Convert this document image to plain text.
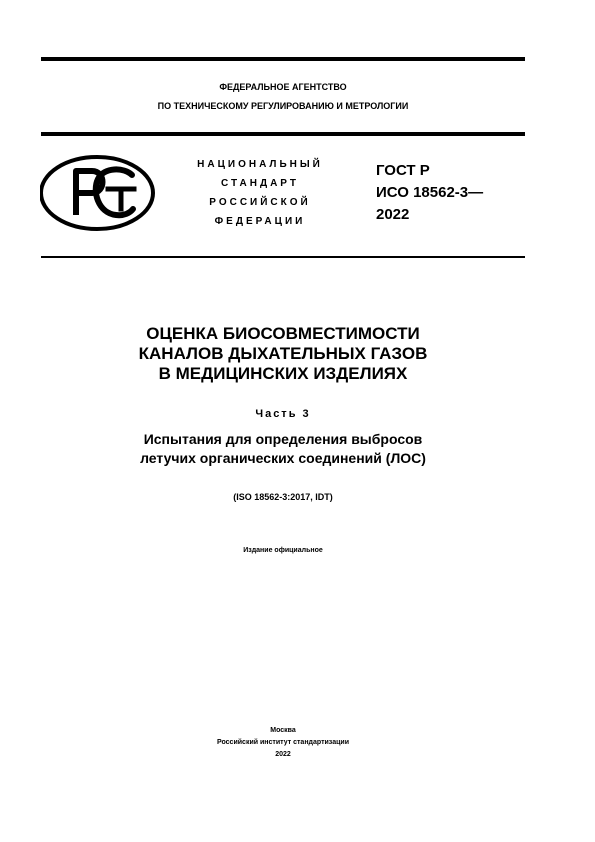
ФЕДЕРАЛЬНОЕ АГЕНТСТВО
ПО ТЕХНИЧЕСКОМУ РЕГУЛИРОВАНИЮ И МЕТРОЛОГИИ
НАЦИОНАЛЬНЫЙ
СТАНДАРТ
РОССИЙСКОЙ
ФЕДЕРАЦИИ
ГОСТ Р
ИСО 18562-3—
2022
ОЦЕНКА БИОСОВМЕСТИМОСТИ
КАНАЛОВ ДЫХАТЕЛЬНЫХ ГАЗОВ
В МЕДИЦИНСКИХ ИЗДЕЛИЯХ
Часть 3
Испытания для определения выбросов
летучих органических соединений (ЛОС)
(ISO 18562-3:2017, IDT)
Издание официальное
Москва
Российский институт стандартизации
2022
